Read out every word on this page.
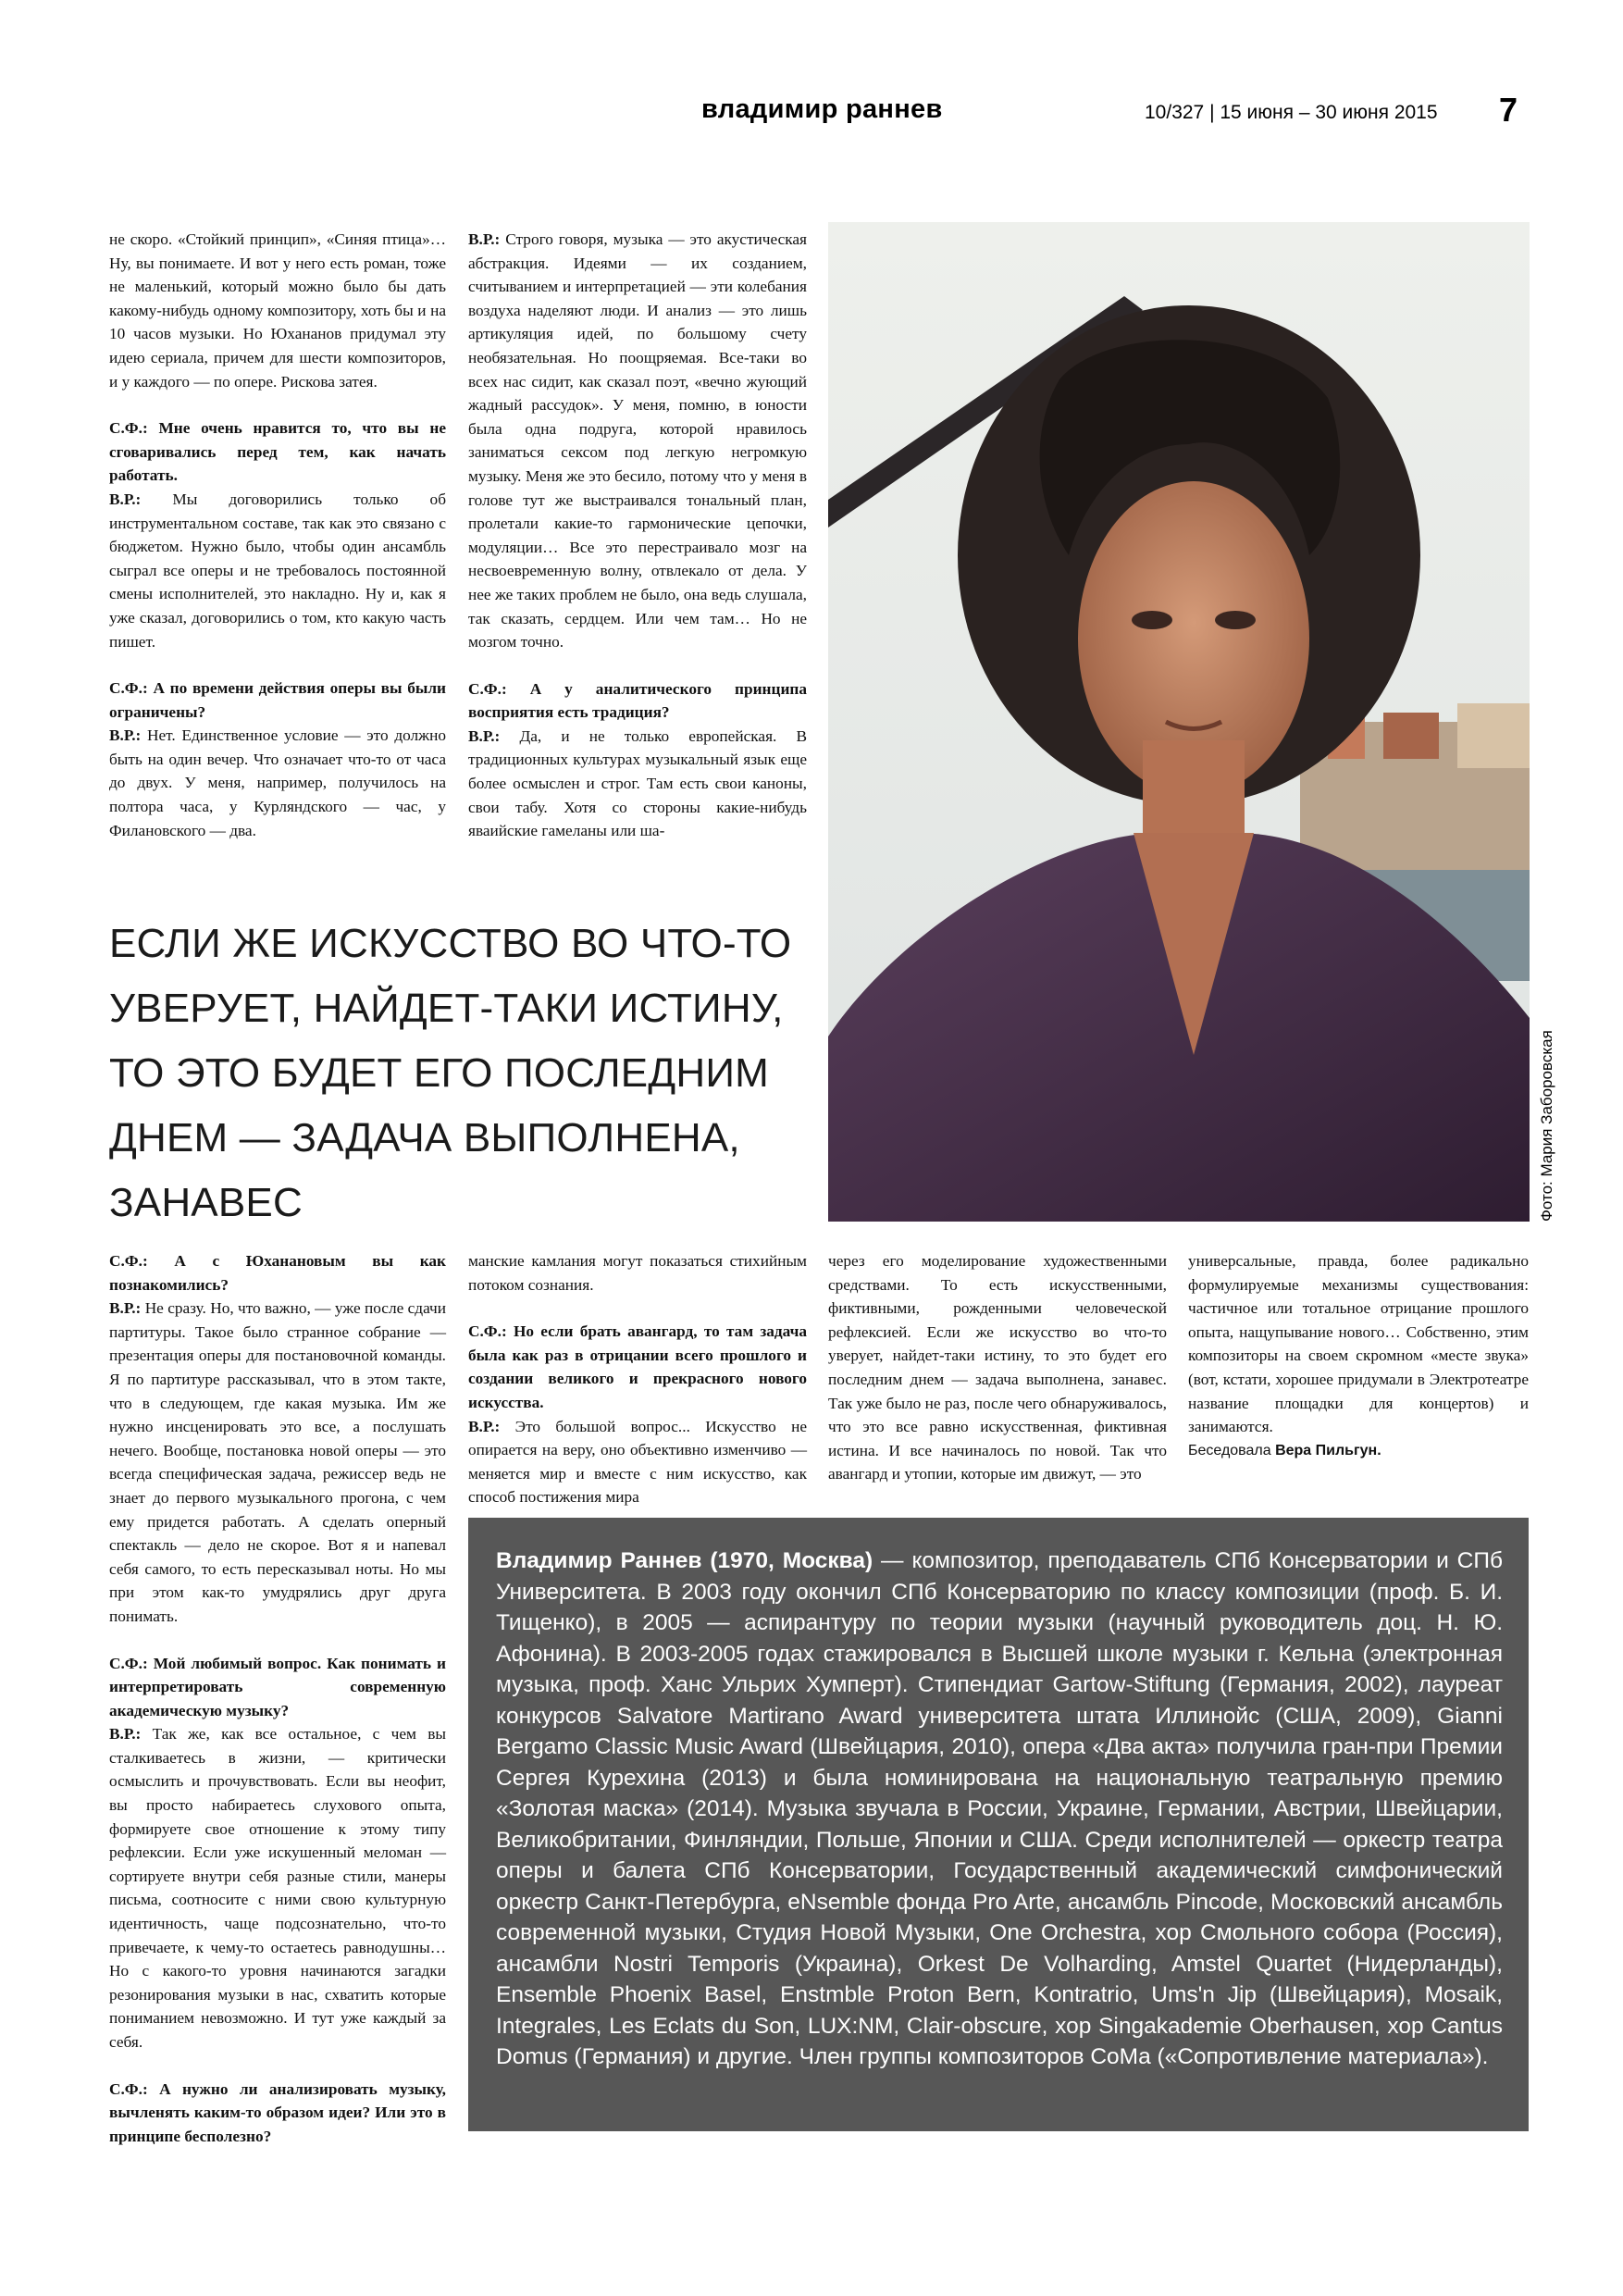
владимир раннев	10/327 | 15 июня – 30 июня 2015 7

не скоро. «Стойкий принцип», «Синяя птица»… Ну, вы понимаете. И вот у него есть роман, тоже не маленький, который можно было бы дать какому-нибудь одному композитору, хоть бы и на 10 часов музыки. Но Юхананов придумал эту идею сериала, причем для шести композиторов, и у каждого — по опере. Рискова затея.

С.Ф.: Мне очень нравится то, что вы не сговаривались перед тем, как начать работать.

В.Р.: Мы договорились только об инструментальном составе, так как это связано с бюджетом. Нужно было, чтобы один ансамбль сыграл все оперы и не требовалось постоянной смены исполнителей, это накладно. Ну и, как я уже сказал, договорились о том, кто какую часть пишет.

С.Ф.: А по времени действия оперы вы были ограничены?

В.Р.: Нет. Единственное условие — это должно быть на один вечер. Что означает что-то от часа до двух. У меня, например, получилось на полтора часа, у Курляндского — час, у Филановского — два.

В.Р.: Строго говоря, музыка — это акустическая абстракция. Идеями — их созданием, считыванием и интерпретацией — эти колебания воздуха наделяют люди. И анализ — это лишь артикуляция идей, по большому счету необязательная. Но поощряемая. Все-таки во всех нас сидит, как сказал поэт, «вечно жующий жадный рассудок». У меня, помню, в юности была одна подруга, которой нравилось заниматься сексом под легкую негромкую музыку. Меня же это бесило, потому что у меня в голове тут же выстраивался тональный план, пролетали какие-то гармонические цепочки, модуляции… Все это перестраивало мозг на несвоевременную волну, отвлекало от дела. У нее же таких проблем не было, она ведь слушала, так сказать, сердцем. Или чем там… Но не мозгом точно.

С.Ф.: А у аналитического принципа восприятия есть традиция?

В.Р.: Да, и не только европейская. В традиционных культурах музыкальный язык еще более осмыслен и строг. Там есть свои каноны, свои табу. Хотя со стороны какие-нибудь яваийские гамеланы или ша-

Фото: Мария Заборовская
ЕСЛИ ЖЕ ИСКУССТВО ВО ЧТО-ТО
УВЕРУЕТ, НАЙДЕТ-ТАКИ ИСТИНУ,
ТО ЭТО БУДЕТ ЕГО ПОСЛЕДНИМ
ДНЕМ — ЗАДАЧА ВЫПОЛНЕНА,
ЗАНАВЕС

С.Ф.: А с Юханановым вы как познакомились?

В.Р.: Не сразу. Но, что важно, — уже после сдачи партитуры. Такое было странное собрание — презентация оперы для постановочной команды. Я по партитуре рассказывал, что в этом такте, что в следующем, где какая музыка. Им же нужно инсценировать это все, а послушать нечего. Вообще, постановка новой оперы — это всегда специфическая задача, режиссер ведь не знает до первого музыкального прогона, с чем ему придется работать. А сделать оперный спектакль — дело не скорое. Вот я и напевал себя самого, то есть пересказывал ноты. Но мы при этом как-то умудрялись друг друга понимать.

С.Ф.: Мой любимый вопрос. Как понимать и интерпретировать современную академическую музыку?

В.Р.: Так же, как все остальное, с чем вы сталкиваетесь в жизни, — критически осмыслить и прочувствовать. Если вы неофит, вы просто набираетесь слухового опыта, формируете свое отношение к этому типу рефлексии. Если уже искушенный меломан — сортируете внутри себя разные стили, манеры письма, соотносите с ними свою культурную идентичность, чаще подсознательно, что-то привечаете, к чему-то остаетесь равнодушны… Но с какого-то уровня начинаются загадки резонирования музыки в нас, схватить которые пониманием невозможно. И тут уже каждый за себя.

С.Ф.: А нужно ли анализировать музыку, вычленять каким-то образом идеи? Или это в принципе бесполезно?

манские камлания могут показаться стихийным потоком сознания.

С.Ф.: Но если брать авангард, то там задача была как раз в отрицании всего прошлого и создании великого и прекрасного нового искусства.

В.Р.: Это большой вопрос... Искусство не опирается на веру, оно объективно изменчиво — меняется мир и вместе с ним искусство, как способ постижения мира

через его моделирование художественными средствами. То есть искусственными, фиктивными, рожденными человеческой рефлексией. Если же искусство во что-то уверует, найдет-таки истину, то это будет его последним днем — задача выполнена, занавес. Так уже было не раз, после чего обнаруживалось, что это все равно искусственная, фиктивная истина. И все начиналось по новой. Так что авангард и утопии, которые им движут, — это

универсальные, правда, более радикально формулируемые механизмы существования: частичное или тотальное отрицание прошлого опыта, нащупывание нового… Собственно, этим композиторы на своем скромном «месте звука» (вот, кстати, хорошее придумали в Электротеатре название площадки для концертов) и занимаются.

Беседовала Вера Пильгун.

Владимир Раннев (1970, Москва) — композитор, преподаватель СПб Консерватории и СПб Университета. В 2003 году окончил СПб Консерваторию по классу композиции (проф. Б. И. Тищенко), в 2005 — аспирантуру по теории музыки (научный руководитель доц. Н. Ю. Афонина). В 2003-2005 годах стажировался в Высшей школе музыки г. Кельна (электронная музыка, проф. Ханс Ульрих Хумперт). Стипендиат Gartow-Stiftung (Германия, 2002), лауреат конкурсов Salvatore Martirano Award университета штата Иллинойс (США, 2009), Gianni Bergamo Classic Music Award (Швейцария, 2010), опера «Два акта» получила гран-при Премии Сергея Курехина (2013) и была номинирована на национальную театральную премию «Золотая маска» (2014). Музыка звучала в России, Украине, Германии, Австрии, Швейцарии, Великобритании, Финляндии, Польше, Японии и США. Среди исполнителей — оркестр театра оперы и балета СПб Консерватории, Государственный академический симфонический оркестр Санкт-Петербурга, eNsemble фонда Pro Arte, ансамбль Pincode, Московский ансамбль современной музыки, Студия Новой Музыки, One Orchestra, хор Смольного собора (Россия), ансамбли Nostri Temporis (Украина), Orkest De Volharding, Amstel Quartet (Нидерланды), Ensemble Phoenix Basel, Enstmble Proton Bern, Kontratrio, Ums'n Jip (Швейцария), Mosaik, Integrales, Les Eclats du Son, LUX:NM, Clair-obscure, хор Singakademie Oberhausen, хор Cantus Domus (Германия) и другие. Член группы композиторов CoMa («Сопротивление материала»).
